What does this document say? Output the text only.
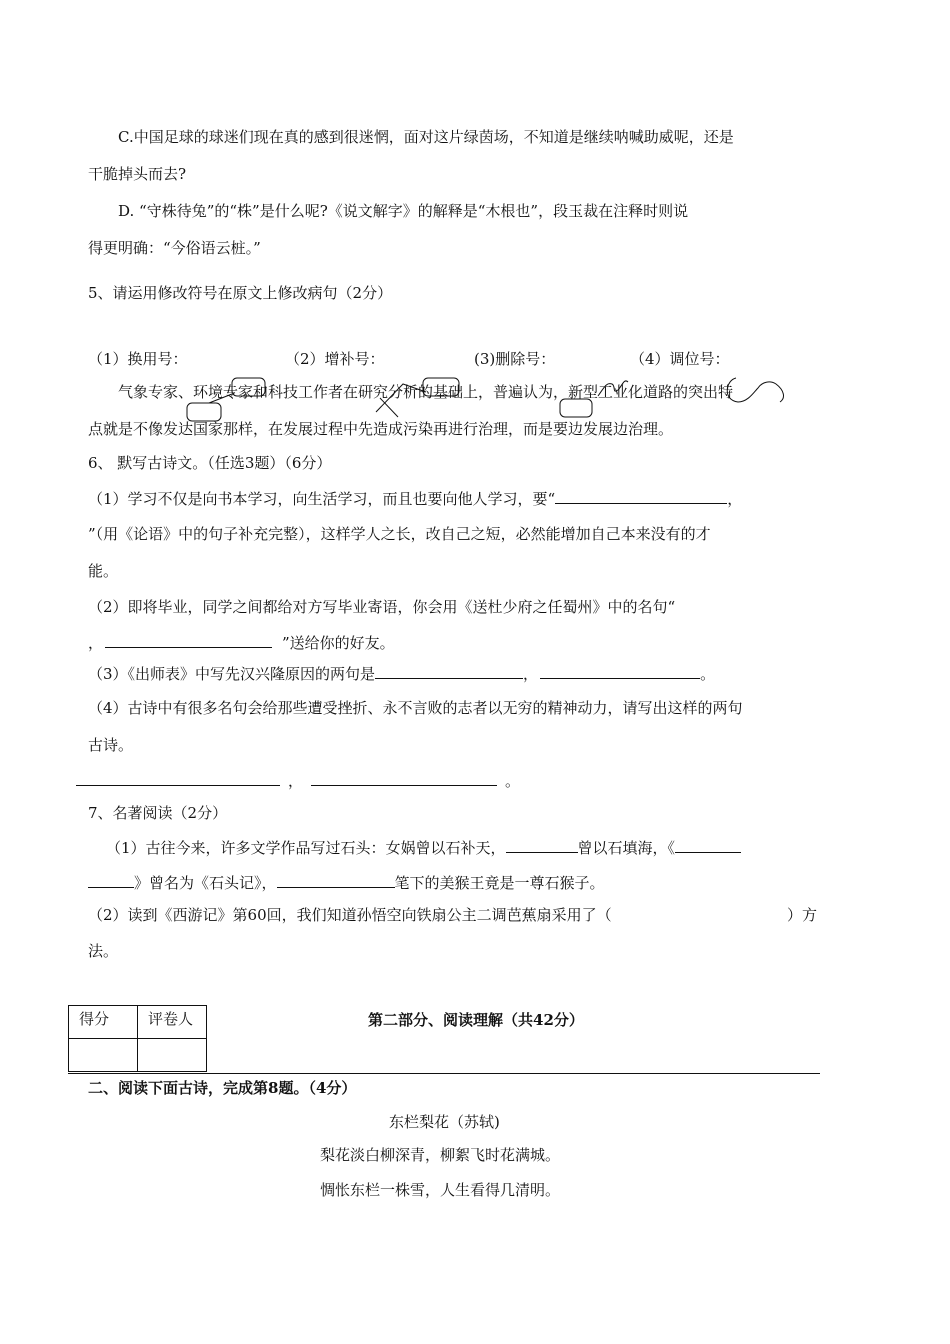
C.中国足球的球迷们现在真的感到很迷惘，面对这片绿茵场，不知道是继续呐喊助威呢，还是
干脆掉头而去?
D. “守株待兔”的“株”是什么呢?《说文解字》的解释是“木根也”，段玉裁在注释时则说
得更明确：“今俗语云桩。”
5、请运用修改符号在原文上修改病句（2分）
（1）换用号：	（2）增补号：	(3)删除号：	（4）调位号：
气象专家、环境专家和科技工作者在研究分析的基础上，普遍认为，新型工业化道路的突出特
点就是不像发达国家那样，在发展过程中先造成污染再进行治理，而是要边发展边治理。
6、 默写古诗文。（任选3题）（6分）
（1）学习不仅是向书本学习，向生活学习，而且也要向他人学习，要“	，
”（用《论语》中的句子补充完整），这样学人之长，改自己之短，必然能增加自己本来没有的才
能。
（2）即将毕业，同学之间都给对方写毕业寄语，你会用《送杜少府之任蜀州》中的名句“
，	”送给你的好友。
（3）《出师表》中写先汉兴隆原因的两句是	，	。
（4）古诗中有很多名句会给那些遭受挫折、永不言败的志者以无穷的精神动力，请写出这样的两句
古诗。
，	。
7、名著阅读（2分）
（1）古往今来，许多文学作品写过石头：女娲曾以石补天，	曾以石填海，《
》曾名为《石头记》，	笔下的美猴王竟是一尊石猴子。
（2）读到《西游记》第60回，我们知道孙悟空向铁扇公主二调芭蕉扇采用了（	）方
法。
得分	评卷人
		第二部分、阅读理解（共42分）
二、阅读下面古诗，完成第8题。（4分）
东栏梨花（苏轼)
梨花淡白柳深青，柳絮飞时花满城。
惆怅东栏一株雪，人生看得几清明。
